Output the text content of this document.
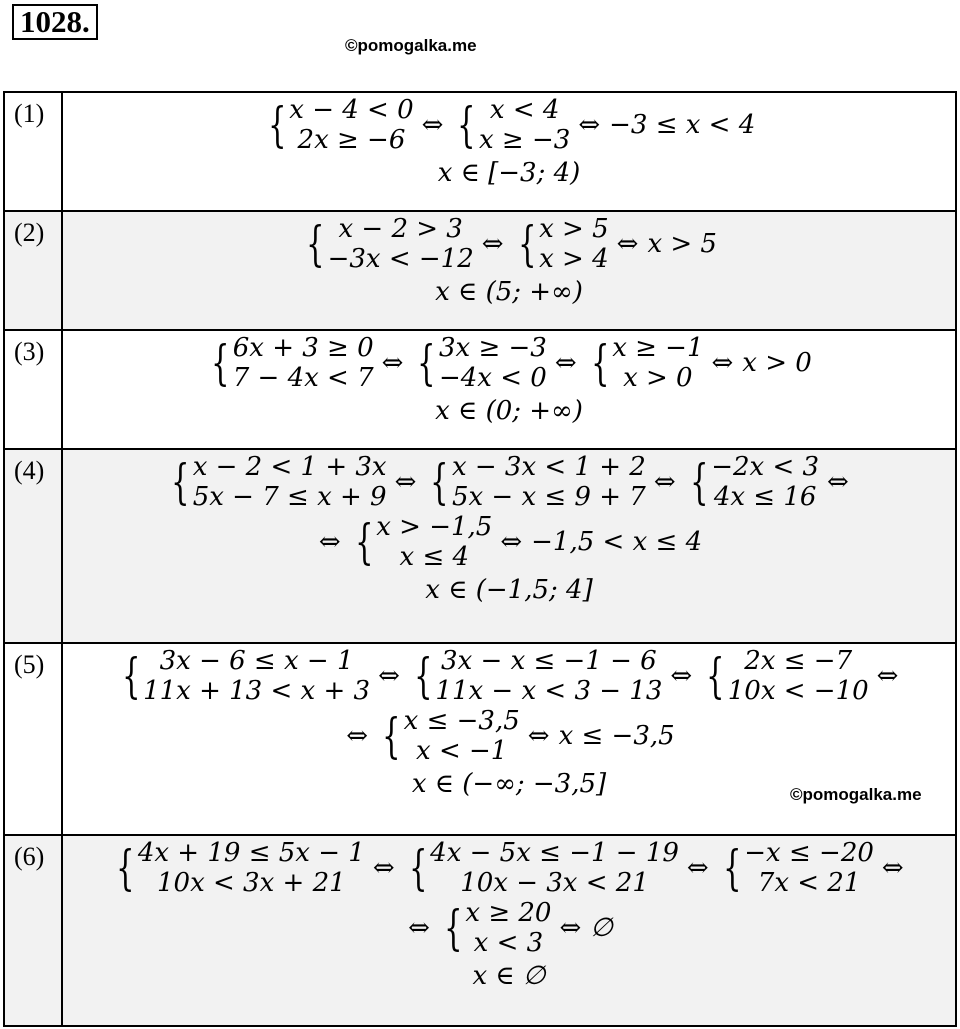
1028.
©pomogalka.me
(1)	{ x − 4 < 0
2x ≥ −6 ⇔ { x < 4
x ≥ −3 ⇔ −3 ≤ x < 4
x ∈ [−3; 4)
(2)	{ x − 2 > 3
−3x < −12 ⇔ { x > 5
x > 4 ⇔ x > 5
x ∈ (5; +∞)
(3)	{ 6x + 3 ≥ 0
7 − 4x < 7 ⇔ { 3x ≥ −3
−4x < 0 ⇔ { x ≥ −1
x > 0 ⇔ x > 0
x ∈ (0; +∞)
(4)	{ x − 2 < 1 + 3x
5x − 7 ≤ x + 9 ⇔ { x − 3x < 1 + 2
5x − x ≤ 9 + 7 ⇔ { −2x < 3
4x ≤ 16 ⇔
⇔ { x > −1,5
x ≤ 4 ⇔ −1,5 < x ≤ 4
x ∈ (−1,5; 4]
(5)	{ 3x − 6 ≤ x − 1
11x + 13 < x + 3 ⇔ { 3x − x ≤ −1 − 6
11x − x < 3 − 13 ⇔ { 2x ≤ −7
10x < −10 ⇔
⇔ { x ≤ −3,5
x < −1 ⇔ x ≤ −3,5
x ∈ (−∞; −3,5]
(6)	{ 4x + 19 ≤ 5x − 1
10x < 3x + 21 ⇔ { 4x − 5x ≤ −1 − 19
10x − 3x < 21 ⇔ { −x ≤ −20
7x < 21 ⇔
⇔ { x ≥ 20
x < 3 ⇔ ∅
x ∈ ∅
©pomogalka.me
